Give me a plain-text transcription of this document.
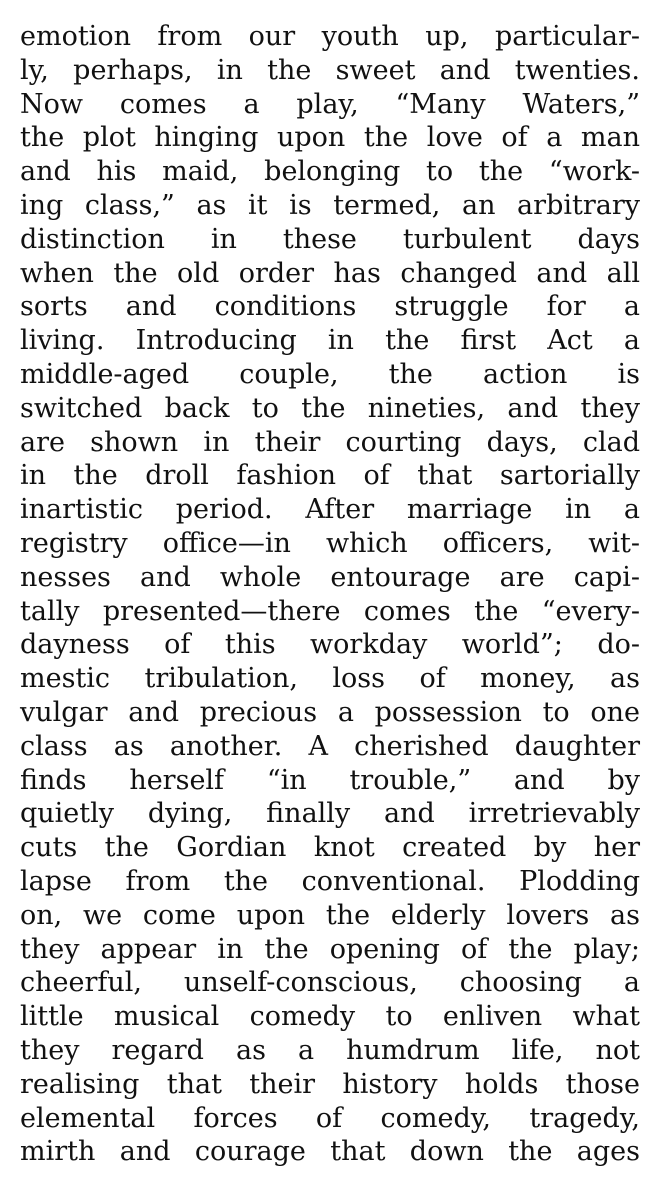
emotion from our youth up, particular-
ly, perhaps, in the sweet and twenties.
Now comes a play, “Many Waters,”
the plot hinging upon the love of a man
and his maid, belonging to the “work-
ing class,” as it is termed, an arbitrary
distinction in these turbulent days
when the old order has changed and all
sorts and conditions struggle for a
living. Introducing in the first Act a
middle-aged couple, the action is
switched back to the nineties, and they
are shown in their courting days, clad
in the droll fashion of that sartorially
inartistic period. After marriage in a
registry office—in which officers, wit-
nesses and whole entourage are capi-
tally presented—there comes the “every-
dayness of this workday world”; do-
mestic tribulation, loss of money, as
vulgar and precious a possession to one
class as another. A cherished daughter
finds herself “in trouble,” and by
quietly dying, finally and irretrievably
cuts the Gordian knot created by her
lapse from the conventional. Plodding
on, we come upon the elderly lovers as
they appear in the opening of the play;
cheerful, unself-conscious, choosing a
little musical comedy to enliven what
they regard as a humdrum life, not
realising that their history holds those
elemental forces of comedy, tragedy,
mirth and courage that down the ages
